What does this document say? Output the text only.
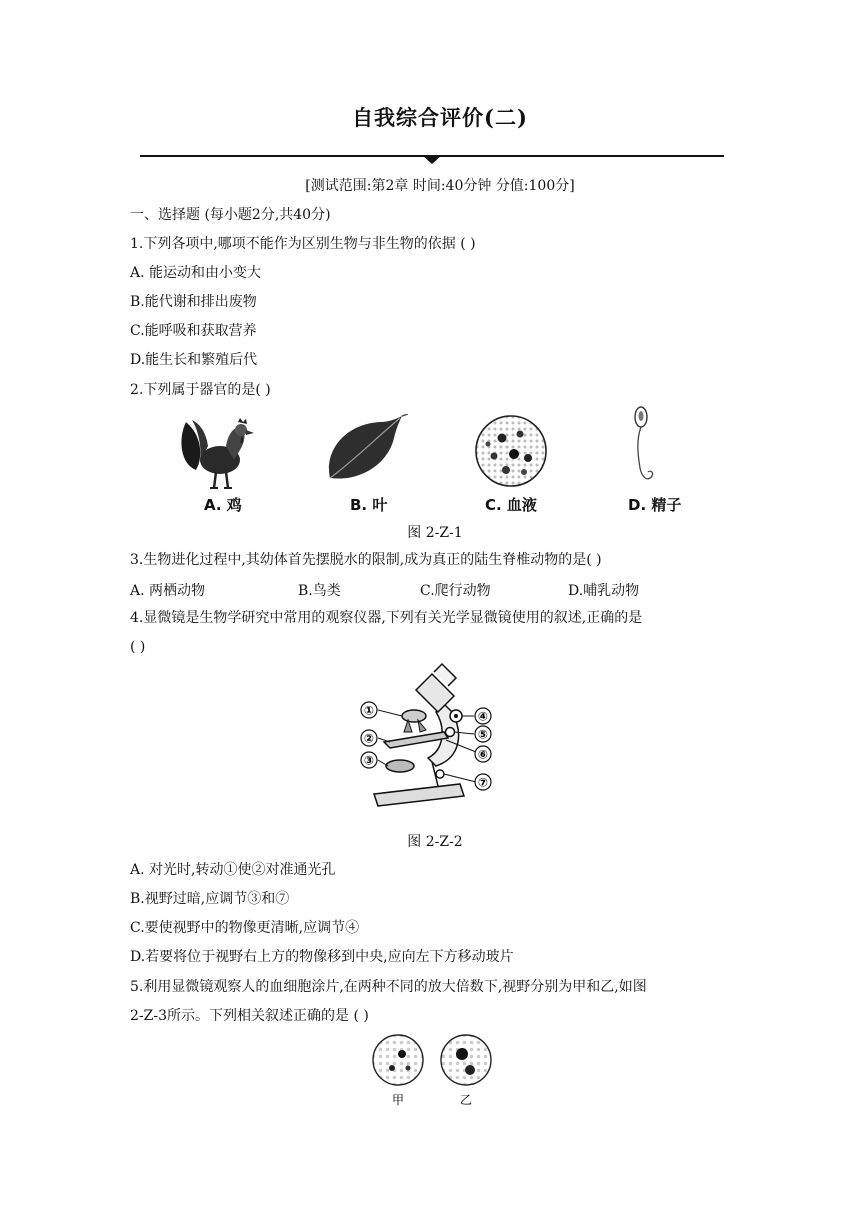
自我综合评价(二)
[测试范围:第2章 时间:40分钟 分值:100分]
一、选择题 (每小题2分,共40分)
1.下列各项中,哪项不能作为区别生物与非生物的依据 ( )
A. 能运动和由小变大
B.能代谢和排出废物
C.能呼吸和获取营养
D.能生长和繁殖后代
2.下列属于器官的是( )
A. 鸡	B. 叶	C. 血液	D. 精子
图 2-Z-1
3.生物进化过程中,其幼体首先摆脱水的限制,成为真正的陆生脊椎动物的是( )
A. 两栖动物	B.鸟类	C.爬行动物	D.哺乳动物
4.显微镜是生物学研究中常用的观察仪器,下列有关光学显微镜使用的叙述,正确的是
( )
①
②
③
④
⑤
⑥
⑦
图 2-Z-2
A. 对光时,转动①使②对准通光孔
B.视野过暗,应调节③和⑦
C.要使视野中的物像更清晰,应调节④
D.若要将位于视野右上方的物像移到中央,应向左下方移动玻片
5.利用显微镜观察人的血细胞涂片,在两种不同的放大倍数下,视野分别为甲和乙,如图
2-Z-3所示。下列相关叙述正确的是 ( )
甲	乙
